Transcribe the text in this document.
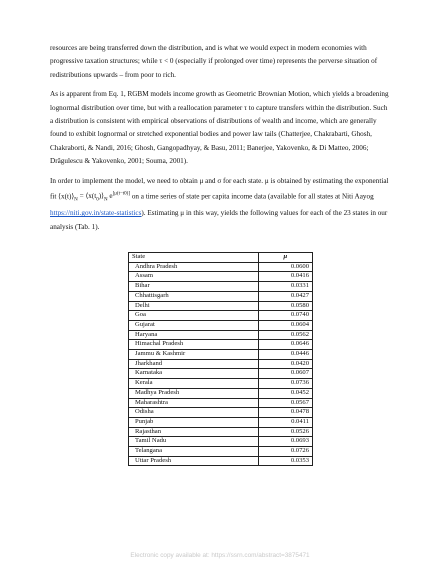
resources are being transferred down the distribution, and is what we would expect in modern economies with progressive taxation structures; while τ < 0 (especially if prolonged over time) represents the perverse situation of redistributions upwards – from poor to rich.

As is apparent from Eq. 1, RGBM models income growth as Geometric Brownian Motion, which yields a broadening lognormal distribution over time, but with a reallocation parameter τ to capture transfers within the distribution. Such a distribution is consistent with empirical observations of distributions of wealth and income, which are generally found to exhibit lognormal or stretched exponential bodies and power law tails (Chatterjee, Chakrabarti, Ghosh, Chakraborti, & Nandi, 2016; Ghosh, Gangopadhyay, & Basu, 2011; Banerjee, Yakovenko, & Di Matteo, 2006; Drăgulescu & Yakovenko, 2001; Souma, 2001).

In order to implement the model, we need to obtain μ and σ for each state. μ is obtained by estimating the exponential fit $⟨x(t)⟩_N$ = $⟨x(t_0)⟩_N$ e[μ(t−t0)] on a time series of state per capita income data (available for all states at Niti Aayog https://niti.gov.in/state-statistics). Estimating μ in this way, yields the following values for each of the 23 states in our analysis (Tab. 1).

State	μ
Andhra Pradesh	0.0600
Assam	0.0416
Bihar	0.0331
Chhattisgarh	0.0427
Delhi	0.0580
Goa	0.0740
Gujarat	0.0604
Haryana	0.0562
Himachal Pradesh	0.0646
Jammu & Kashmir	0.0446
Jharkhand	0.0420
Karnataka	0.0607
Kerala	0.0736
Madhya Pradesh	0.0452
Maharashtra	0.0567
Odisha	0.0478
Punjab	0.0411
Rajasthan	0.0526
Tamil Nadu	0.0693
Telangana	0.0726
Uttar Pradesh	0.0353
Electronic copy available at: https://ssrn.com/abstract=3875471
